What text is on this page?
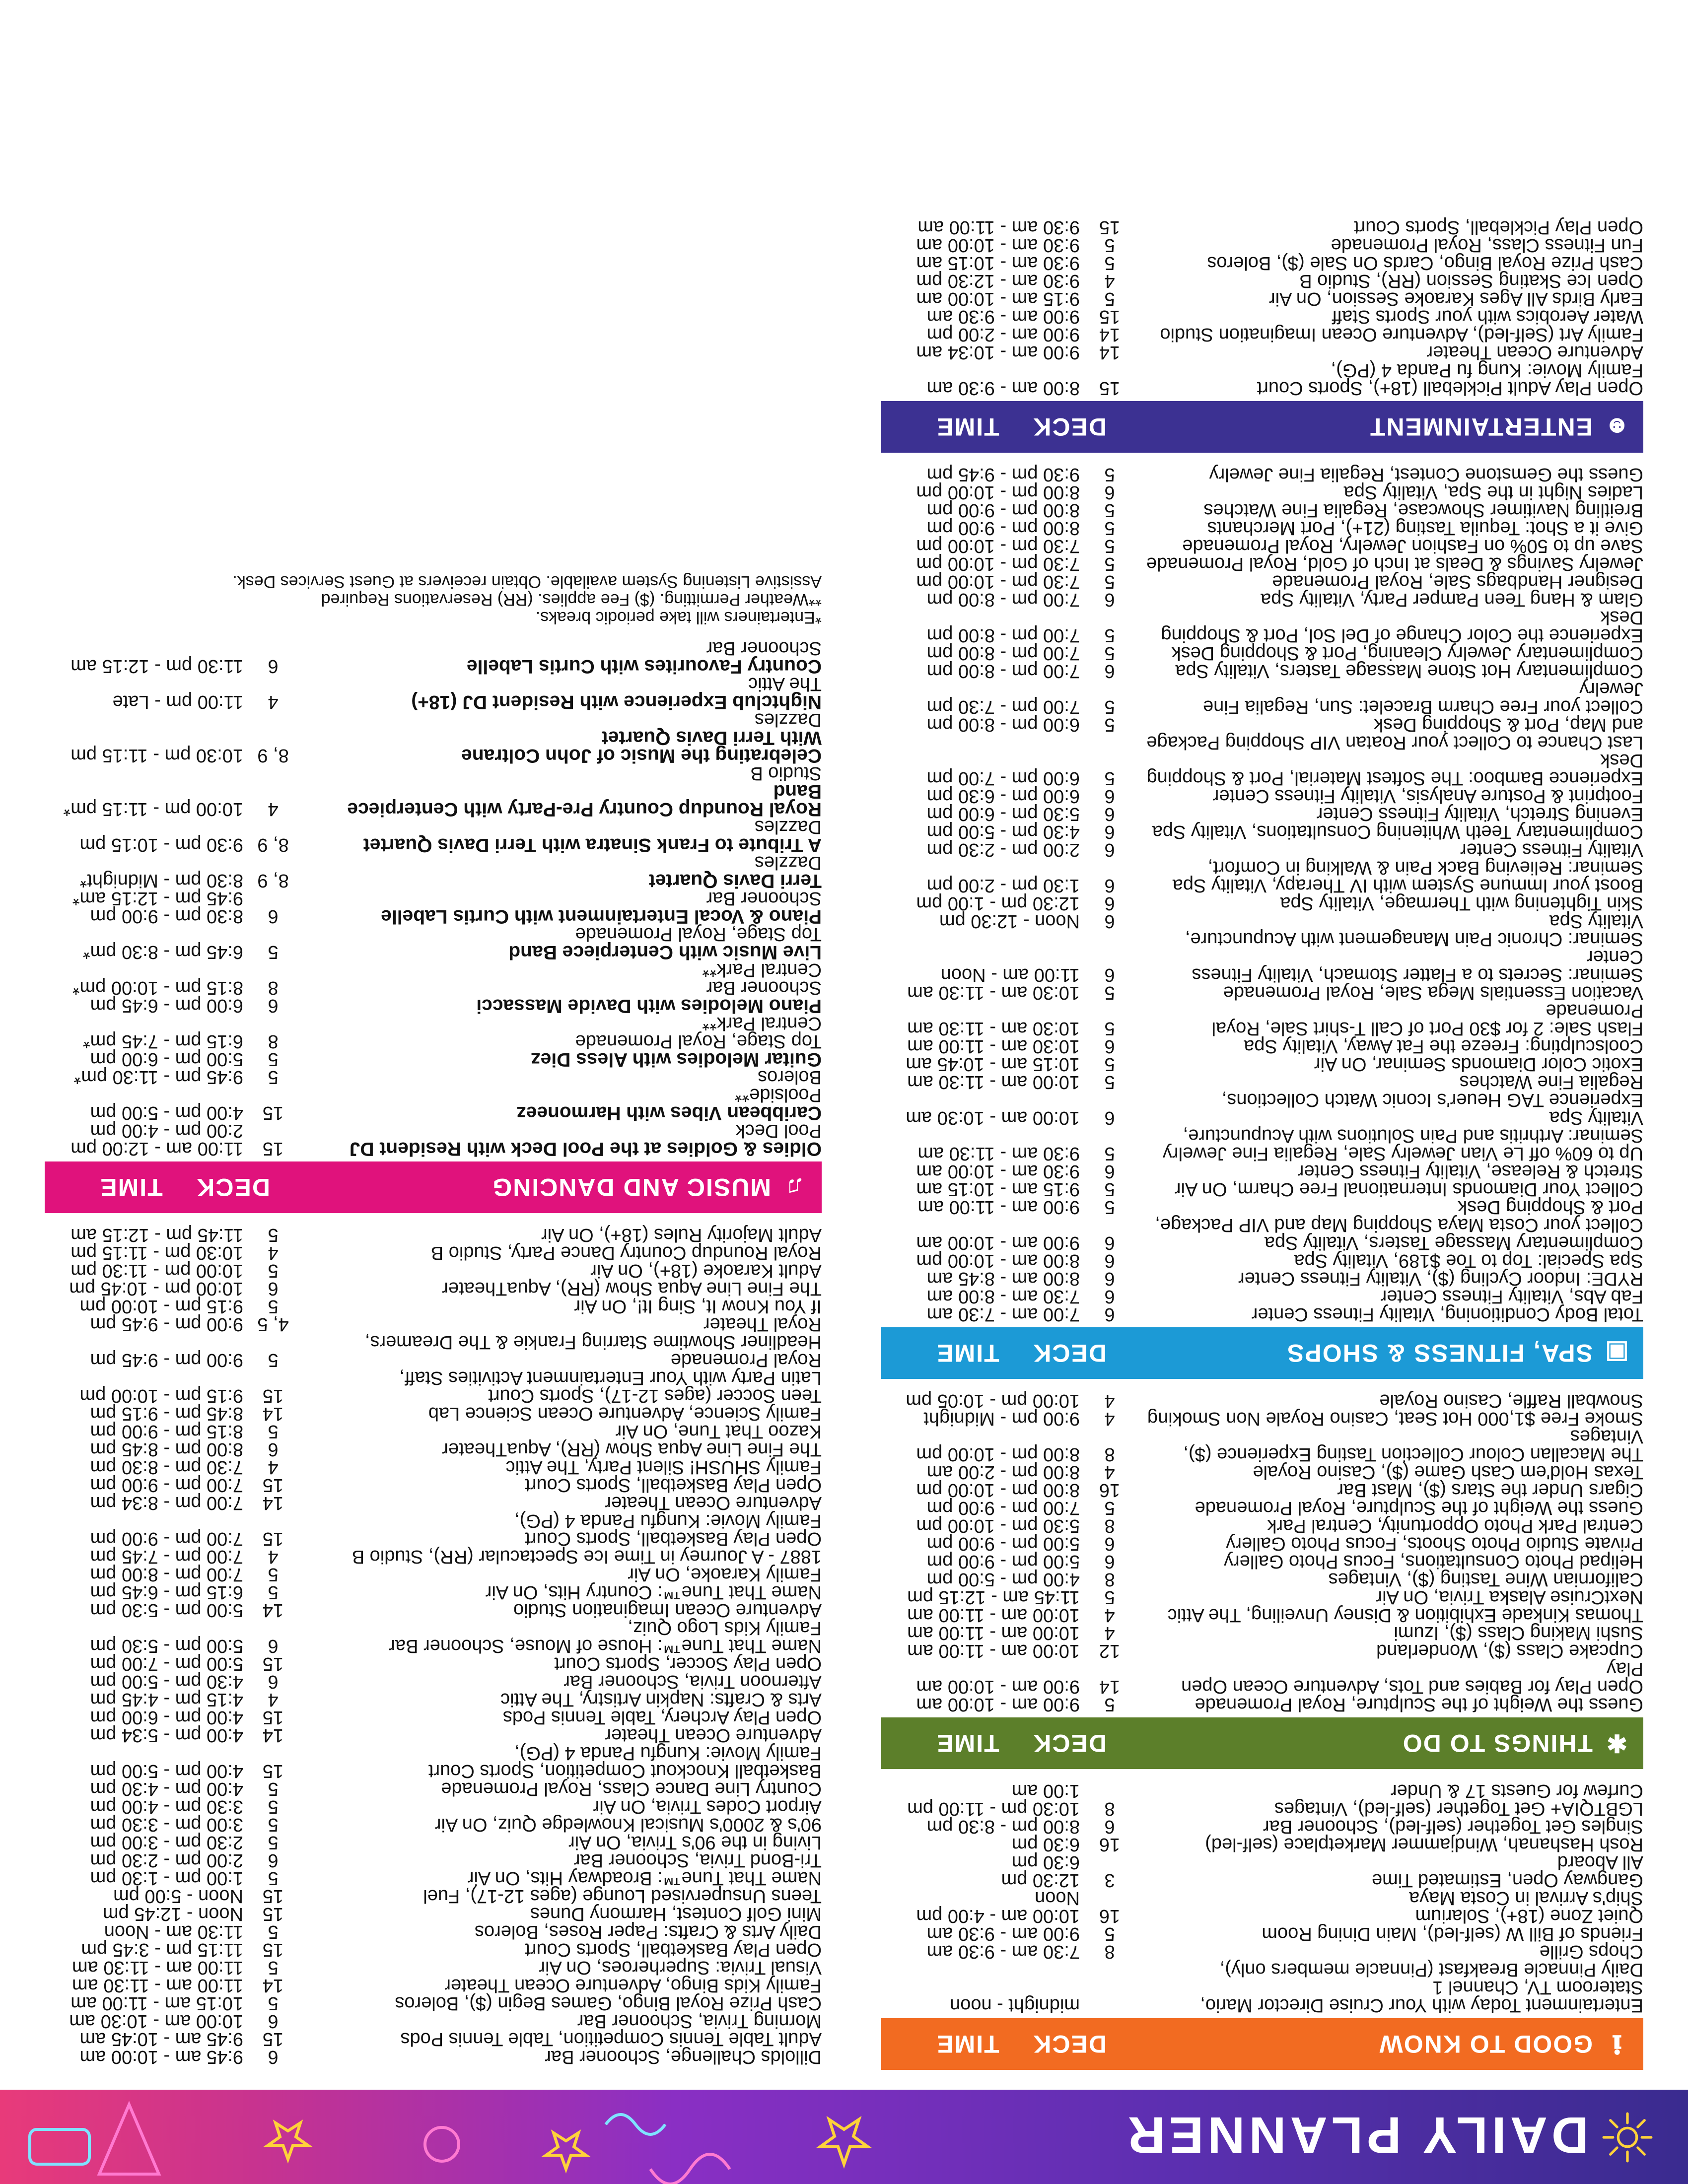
DAILY PLANNER
ℹ
GOOD TO KNOW
DECK
TIME
Entertainment Today with Your Cruise Director Mario,
midnight - noon
Stateroom TV, Channel 1
Daily Pinnacle Breakfast (Pinnacle members only),
Chops Grille
8
7:30 am - 9:30 am
Friends of Bill W (self-led), Main Dining Room
5
9:00 am - 9:30 am
Quiet Zone (18+), Solarium
16
10:00 am - 4:00 pm
Ship's Arrival in Costa Maya
Noon
Gangway Open, Estimated Time
3
12:30 pm
All Aboard
6:30 pm
Rosh Hashanah, Windjammer Marketplace (self-led)
16
6:30 pm
Singles Get Together (self-led), Schooner Bar
6
8:00 pm - 8:30 pm
LGBTQIA+ Get Together (self-led), Vintages
8
10:30 pm - 11:00 pm
Curfew for Guests 17 & Under
1:00 am
✱
THINGS TO DO
DECK
TIME
Guess the Weight of the Sculpture, Royal Promenade
5
9:00 am - 10:00 am
Open Play for Babies and Tots, Adventure Ocean Open Play
14
9:00 am - 10:00 am
Cupcake Class ($), Wonderland
12
10:00 am - 11:00 am
Sushi Making Class ($), Izumi
4
10:00 am - 11:00 am
Thomas Kinkade Exhibition & Disney Unveiling, The Attic
4
10:00 am - 11:00 am
NextCruise Alaska Trivia, On Air
5
11:45 am - 12:15 pm
Californian Wine Tasting ($), Vintages
8
4:00 pm - 5:00 pm
Helipad Photo Consultations, Focus Photo Gallery
6
5:00 pm - 9:00 pm
Private Studio Photo Shoots, Focus Photo Gallery
6
5:00 pm - 9:00 pm
Central Park Photo Opportunity, Central Park
8
5:30 pm - 10:00 pm
Guess the Weight of the Sculpture, Royal Promenade
5
7:00 pm - 9:00 pm
Cigars Under the Stars ($), Mast Bar
16
8:00 pm - 10:00 pm
Texas Hold'em Cash Game ($), Casino Royale
4
8:00 pm - 2:00 am
The Macallan Colour Collection Tasting Experience ($), Vintages
8
8:00 pm - 10:00 pm
Smoke Free $1,000 Hot Seat, Casino Royale Non Smoking
4
9:00 pm - Midnight
Snowball Raffle, Casino Royale
4
10:00 pm - 10:05 pm
▣
SPA, FITNESS & SHOPS
DECK
TIME
Total Body Conditioning, Vitality Fitness Center
6
7:00 am - 7:30 am
Fab Abs, Vitality Fitness Center
6
7:30 am - 8:00 am
RYDE: Indoor Cycling ($), Vitality Fitness Center
6
8:00 am - 8:45 am
Spa Special: Top to Toe $189, Vitality Spa
6
8:00 am - 10:00 pm
Complimentary Massage Tasters, Vitality Spa
6
9:00 am - 10:00 am
Collect your Costa Maya Shopping Map and VIP Package,
Port & Shopping Desk
5
9:00 am - 11:00 am
Collect Your Diamonds International Free Charm, On Air
5
9:15 am - 10:15 am
Stretch & Release, Vitality Fitness Center
6
9:30 am - 10:00 am
Up to 60% off Le Vian Jewelry Sale, Regalia Fine Jewelry
5
9:30 am - 11:30 am
Seminar: Arthritis and Pain Solutions with Acupuncture,
Vitality Spa
6
10:00 am - 10:30 am
Experience TAG Heuer's Iconic Watch Collections,
Regalia Fine Watches
5
10:00 am - 11:30 am
Exotic Color Diamonds Seminar, On Air
5
10:15 am - 10:45 am
Coolsculpting: Freeze the Fat Away, Vitality Spa
6
10:30 am - 11:00 am
Flash Sale: 2 for $30 Port of Call T-shirt Sale, Royal Promenade
5
10:30 am - 11:30 am
Vacation Essentials Mega Sale, Royal Promenade
5
10:30 am - 11:30 am
Seminar: Secrets to a Flatter Stomach, Vitality Fitness Center
6
11:00 am - Noon
Seminar: Chronic Pain Management with Acupuncture,
Vitality Spa
6
Noon - 12:30 pm
Skin Tightening with Thermage, Vitality Spa
6
12:30 pm - 1:00 pm
Boost your Immune System with IV Therapy, Vitality Spa
6
1:30 pm - 2:00 pm
Seminar: Relieving Back Pain & Walking in Comfort,
Vitality Fitness Center
6
2:00 pm - 2:30 pm
Complimentary Teeth Whitening Consultations, Vitality Spa
6
4:30 pm - 5:00 pm
Evening Stretch, Vitality Fitness Center
6
5:30 pm - 6:00 pm
Footprint & Posture Analysis, Vitality Fitness Center
6
6:00 pm - 6:30 pm
Experience Bamboo: The Softest Material, Port & Shopping Desk
5
6:00 pm - 7:00 pm
Last Chance to Collect your Roatan VIP Shopping Package
and Map, Port & Shopping Desk
5
6:00 pm - 8:00 pm
Collect your Free Charm Bracelet: Sun, Regalia Fine Jewelry
5
7:00 pm - 7:30 pm
Complimentary Hot Stone Massage Tasters, Vitality Spa
6
7:00 pm - 8:00 pm
Complimentary Jewelry Cleaning, Port & Shopping Desk
5
7:00 pm - 8:00 pm
Experience the Color Change of Del Sol, Port & Shopping Desk
5
7:00 pm - 8:00 pm
Glam & Hang Teen Pamper Party, Vitality Spa
6
7:00 pm - 8:00 pm
Designer Handbags Sale, Royal Promenade
5
7:30 pm - 10:00 pm
Jewelry Savings & Deals at Inch of Gold, Royal Promenade
5
7:30 pm - 10:00 pm
Save up to 50% on Fashion Jewelry, Royal Promenade
5
7:30 pm - 10:00 pm
Give it a Shot: Tequila Tasting (21+), Port Merchants
5
8:00 pm - 9:00 pm
Breitling Navitimer Showcase, Regalia Fine Watches
5
8:00 pm - 9:00 pm
Ladies Night in the Spa, Vitality Spa
6
8:00 pm - 10:00 pm
Guess the Gemstone Contest, Regalia Fine Jewelry
5
9:30 pm - 9:45 pm
☻
ENTERTAINMENT
DECK
TIME
Open Play Adult Pickleball (18+), Sports Court
15
8:00 am - 9:30 am
Family Movie: Kung fu Panda 4 (PG),
Adventure Ocean Theater
14
9:00 am - 10:34 am
Family Art (Self-led), Adventure Ocean Imagination Studio
14
9:00 am - 2:00 pm
Water Aerobics with your Sports Staff
15
9:00 am - 9:30 am
Early Birds All Ages Karaoke Session, On Air
5
9:15 am - 10:00 am
Open Ice Skating Session (RR), Studio B
4
9:30 am - 12:30 pm
Cash Prize Royal Bingo, Cards On Sale ($), Boleros
5
9:30 am - 10:15 am
Fun Fitness Class, Royal Promenade
5
9:30 am - 10:00 am
Open Play Pickleball, Sports Court
15
9:30 am - 11:00 am
Dillolds Challenge, Schooner Bar
6
9:45 am - 10:00 am
Adult Table Tennis Competition, Table Tennis Pods
15
9:45 am - 10:45 am
Morning Trivia, Schooner Bar
6
10:00 am - 10:30 am
Cash Prize Royal Bingo, Games Begin ($), Boleros
5
10:15 am - 11:00 am
Family Kids Bingo, Adventure Ocean Theater
14
11:00 am - 11:30 am
Visual Trivia: Superheroes, On Air
5
11:00 am - 11:30 am
Open Play Basketball, Sports Court
15
11:15 pm - 3:45 pm
Daily Arts & Crafts: Paper Roses, Boleros
5
11:30 am - Noon
Mini Golf Contest, Harmony Dunes
15
Noon - 12:45 pm
Teens Unsupervised Lounge (ages 12-17), Fuel
15
Noon - 5:00 pm
Name That Tune™: Broadway Hits, On Air
5
1:00 pm - 1:30 pm
Tri-Bond Trivia, Schooner Bar
6
2:00 pm - 2:30 pm
Living in the 90's Trivia, On Air
5
2:30 pm - 3:00 pm
90's & 2000's Musical Knowledge Quiz, On Air
5
3:00 pm - 3:30 pm
Airport Codes Trivia, On Air
5
3:30 pm - 4:00 pm
Country Line Dance Class, Royal Promenade
5
4:00 pm - 4:30 pm
Basketball Knockout Competition, Sports Court
15
4:00 pm - 5:00 pm
Family Movie: Kungfu Panda 4 (PG),
Adventure Ocean Theater
14
4:00 pm - 5:34 pm
Open Play Archery, Table Tennis Pods
15
4:00 pm - 6:00 pm
Arts & Crafts: Napkin Artistry, The Attic
4
4:15 pm - 4:45 pm
Afternoon Trivia, Schooner Bar
6
4:30 pm - 5:00 pm
Open Play Soccer, Sports Court
15
5:00 pm - 7:00 pm
Name That Tune™: House of Mouse, Schooner Bar
6
5:00 pm - 5:30 pm
Family Kids Logo Quiz,
Adventure Ocean Imagination Studio
14
5:00 pm - 5:30 pm
Name That Tune™: Country Hits, On Air
5
6:15 pm - 6:45 pm
Family Karaoke, On Air
5
7:00 pm - 8:00 pm
1887 - A Journey in Time Ice Spectacular (RR), Studio B
4
7:00 pm - 7:45 pm
Open Play Basketball, Sports Court
15
7:00 pm - 9:00 pm
Family Movie: Kungfu Panda 4 (PG),
Adventure Ocean Theater
14
7:00 pm - 8:34 pm
Open Play Basketball, Sports Court
15
7:00 pm - 9:00 pm
Family SHUSH! Silent Party, The Attic
4
7:30 pm - 8:30 pm
The Fine Line Aqua Show (RR), AquaTheater
6
8:00 pm - 8:45 pm
Kazoo That Tune, On Air
5
8:15 pm - 9:00 pm
Family Science, Adventure Ocean Science Lab
14
8:45 pm - 9:15 pm
Teen Soccer (ages 12-17), Sports Court
15
9:15 pm - 10:00 pm
Latin Party with Your Entertainment Activities Staff,
Royal Promenade
5
9:00 pm - 9:45 pm
Headliner Showtime Starring Frankie & The Dreamers,
Royal Theater
4, 5
9:00 pm - 9:45 pm
If You Know It, Sing It!, On Air
5
9:15 pm - 10:00 pm
The Fine Line Aqua Show (RR), AquaTheater
6
10:00 pm - 10:45 pm
Adult Karaoke (18+), On Air
5
10:00 pm - 11:30 pm
Royal Roundup Country Dance Party, Studio B
4
10:30 pm - 11:15 pm
Adult Majority Rules (18+), On Air
5
11:45 pm - 12:15 am
♫
MUSIC AND DANCING
DECK
TIME
Oldies & Goldies at the Pool Deck with Resident DJ
15
11:00 am - 12:00 pm
Pool Deck
2:00 pm - 4:00 pm
Caribbean Vibes with Harmoneez
15
4:00 pm - 5:00 pm
Poolside**
Boleros
5
9:45 pm - 11:30 pm*
Guitar Melodies with Aless Diez
5
5:00 pm - 6:00 pm
Top Stage, Royal Promenade
8
6:15 pm - 7:45 pm*
Central Park**
Piano Melodies with Davide Massacci
6
6:00 pm - 6:45 pm
Schooner Bar
8
8:15 pm - 10:00 pm*
Central Park**
Live Music with Centerpiece Band
5
6:45 pm - 8:30 pm*
Top Stage, Royal Promenade
Piano & Vocal Entertainment with Curtis Labelle
6
8:30 pm - 9:00 pm
Schooner Bar
9:45 pm - 12:15 am*
Terri Davis Quartet
8, 9
8:30 pm - Midnight*
Dazzles
A Tribute to Frank Sinatra with Terri Davis Quartet
8, 9
9:30 pm - 10:15 pm
Dazzles
Royal Roundup Country Pre-Party with Centerpiece Band
4
10:00 pm - 11:15 pm*
Studio B
Celebrating the Music of John Coltrane
8, 9
10:30 pm - 11:15 pm
With Terri Davis Quartet
Dazzles
Nightclub Experience with Resident DJ (18+)
4
11:00 pm - Late
The Attic
Country Favourites with Curtis Labelle
6
11:30 pm - 12:15 am
Schooner Bar
*Entertainers will take periodic breaks.
**Weather Permitting. ($) Fee applies. (RR) Reservations Required
Assistive Listening System available. Obtain receivers at Guest Services Desk.
